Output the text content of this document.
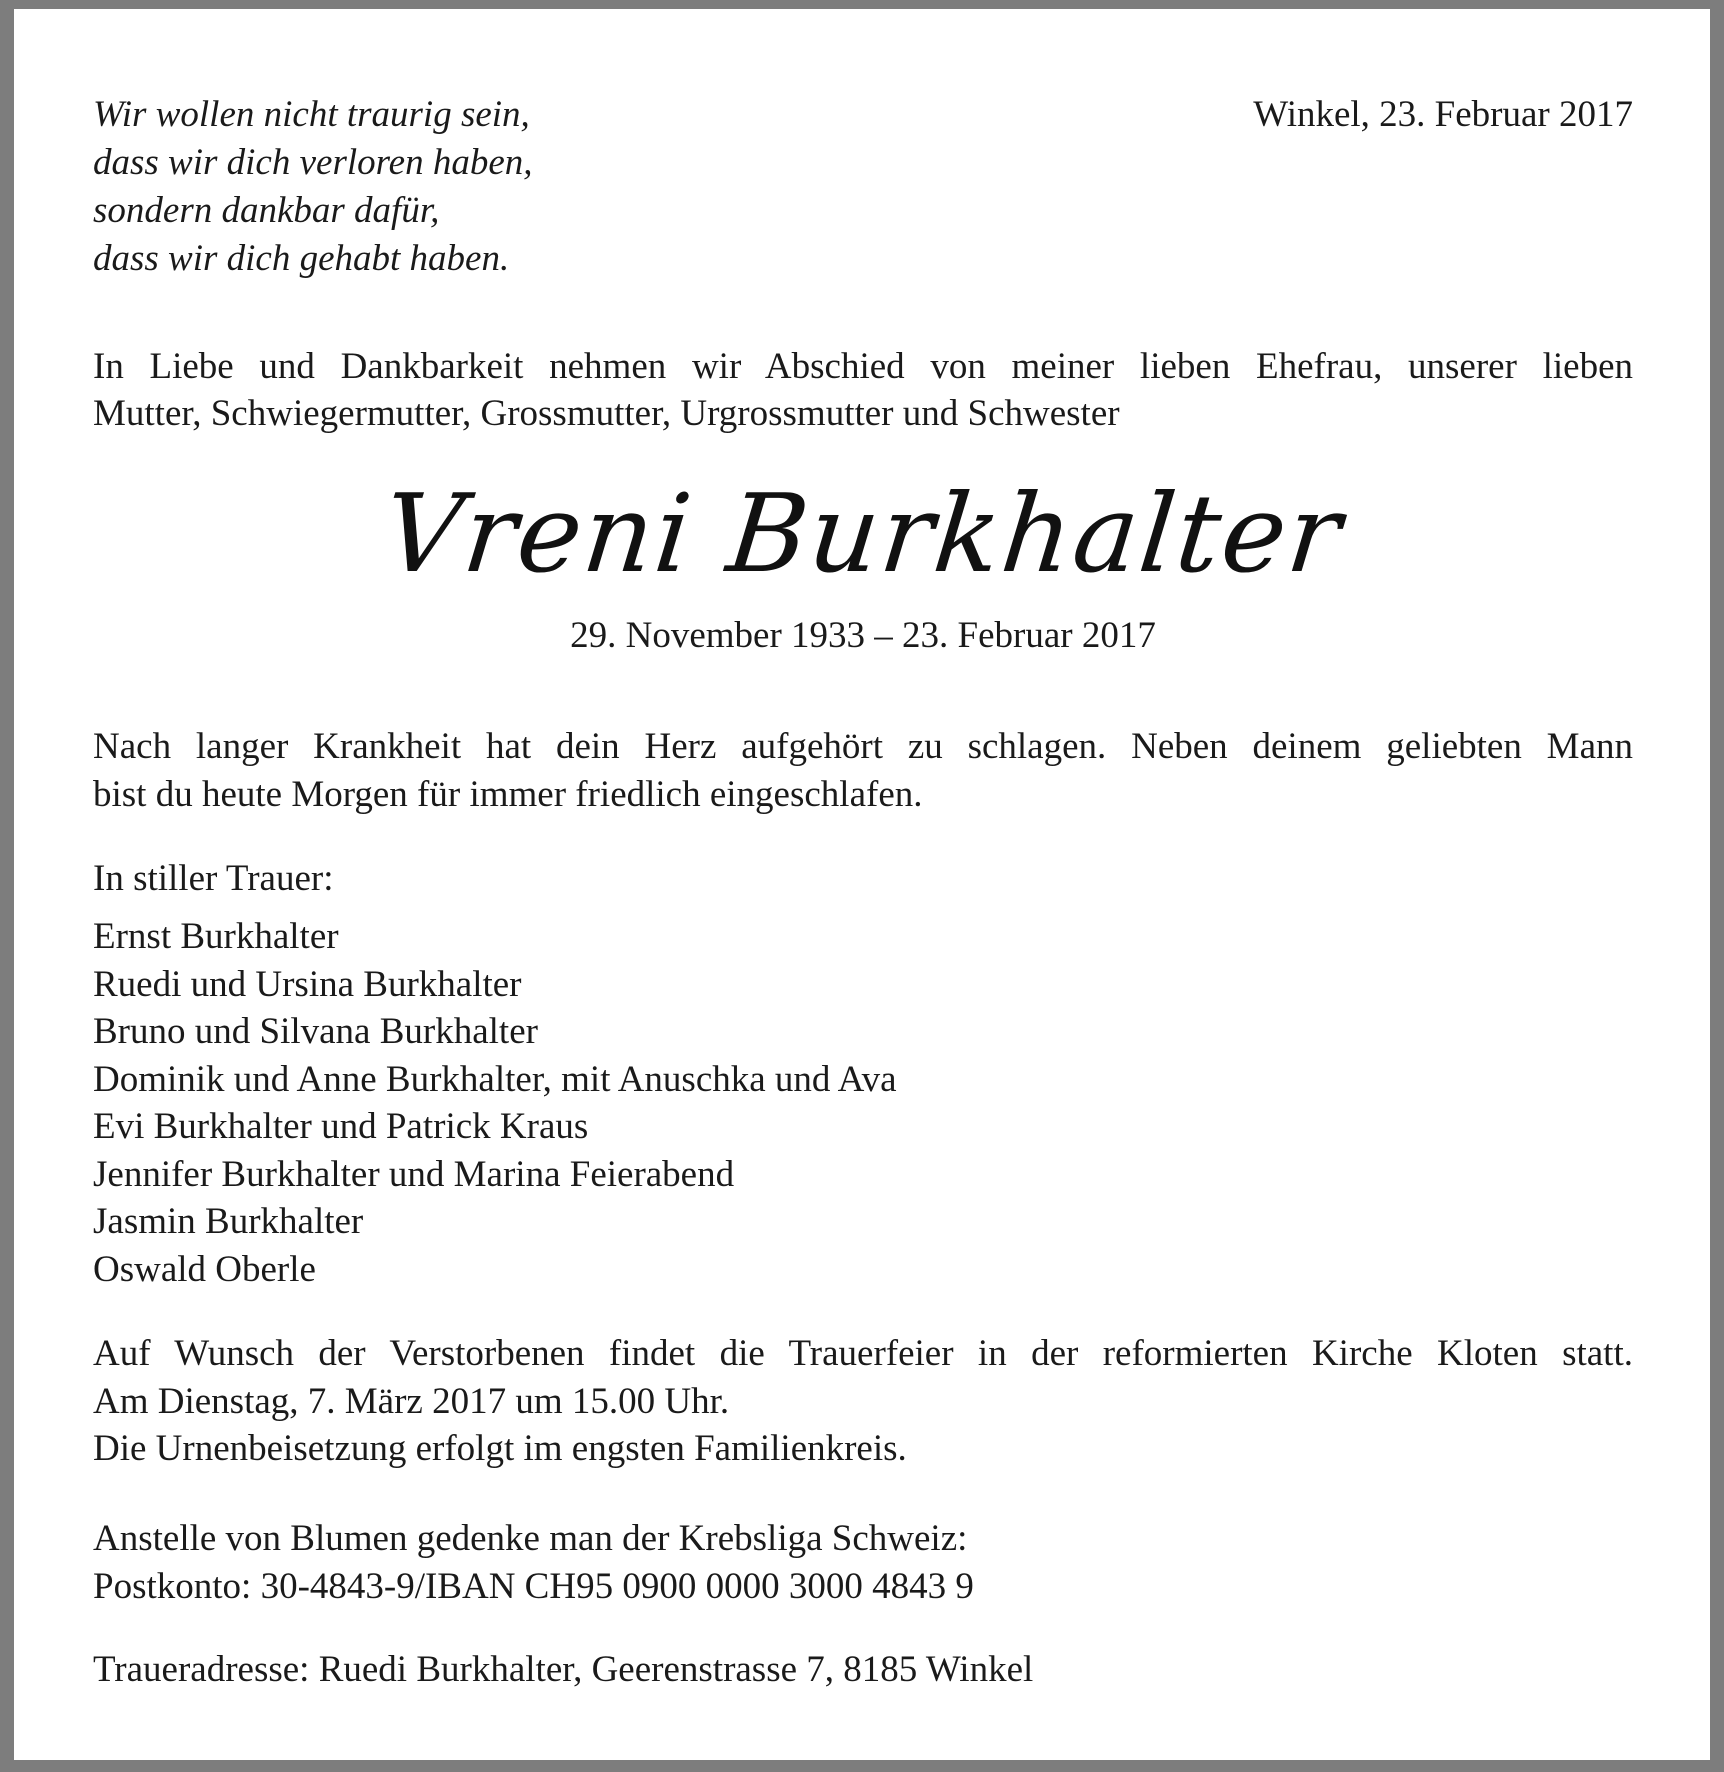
Wir wollen nicht traurig sein,
dass wir dich verloren haben,
sondern dankbar dafür,
dass wir dich gehabt haben.
Winkel, 23. Februar 2017
In Liebe und Dankbarkeit nehmen wir Abschied von meiner lieben Ehefrau, unserer lieben
Mutter, Schwiegermutter, Grossmutter, Urgrossmutter und Schwester
Vreni Burkhalter
29. November 1933 – 23. Februar 2017
Nach langer Krankheit hat dein Herz aufgehört zu schlagen. Neben deinem geliebten Mann
bist du heute Morgen für immer friedlich eingeschlafen.
In stiller Trauer:
Ernst Burkhalter
Ruedi und Ursina Burkhalter
Bruno und Silvana Burkhalter
Dominik und Anne Burkhalter, mit Anuschka und Ava
Evi Burkhalter und Patrick Kraus
Jennifer Burkhalter und Marina Feierabend
Jasmin Burkhalter
Oswald Oberle
Auf Wunsch der Verstorbenen findet die Trauerfeier in der reformierten Kirche Kloten statt.
Am Dienstag, 7. März 2017 um 15.00 Uhr.
Die Urnenbeisetzung erfolgt im engsten Familienkreis.
Anstelle von Blumen gedenke man der Krebsliga Schweiz:
Postkonto: 30-4843-9/IBAN CH95 0900 0000 3000 4843 9
Traueradresse: Ruedi Burkhalter, Geerenstrasse 7, 8185 Winkel
